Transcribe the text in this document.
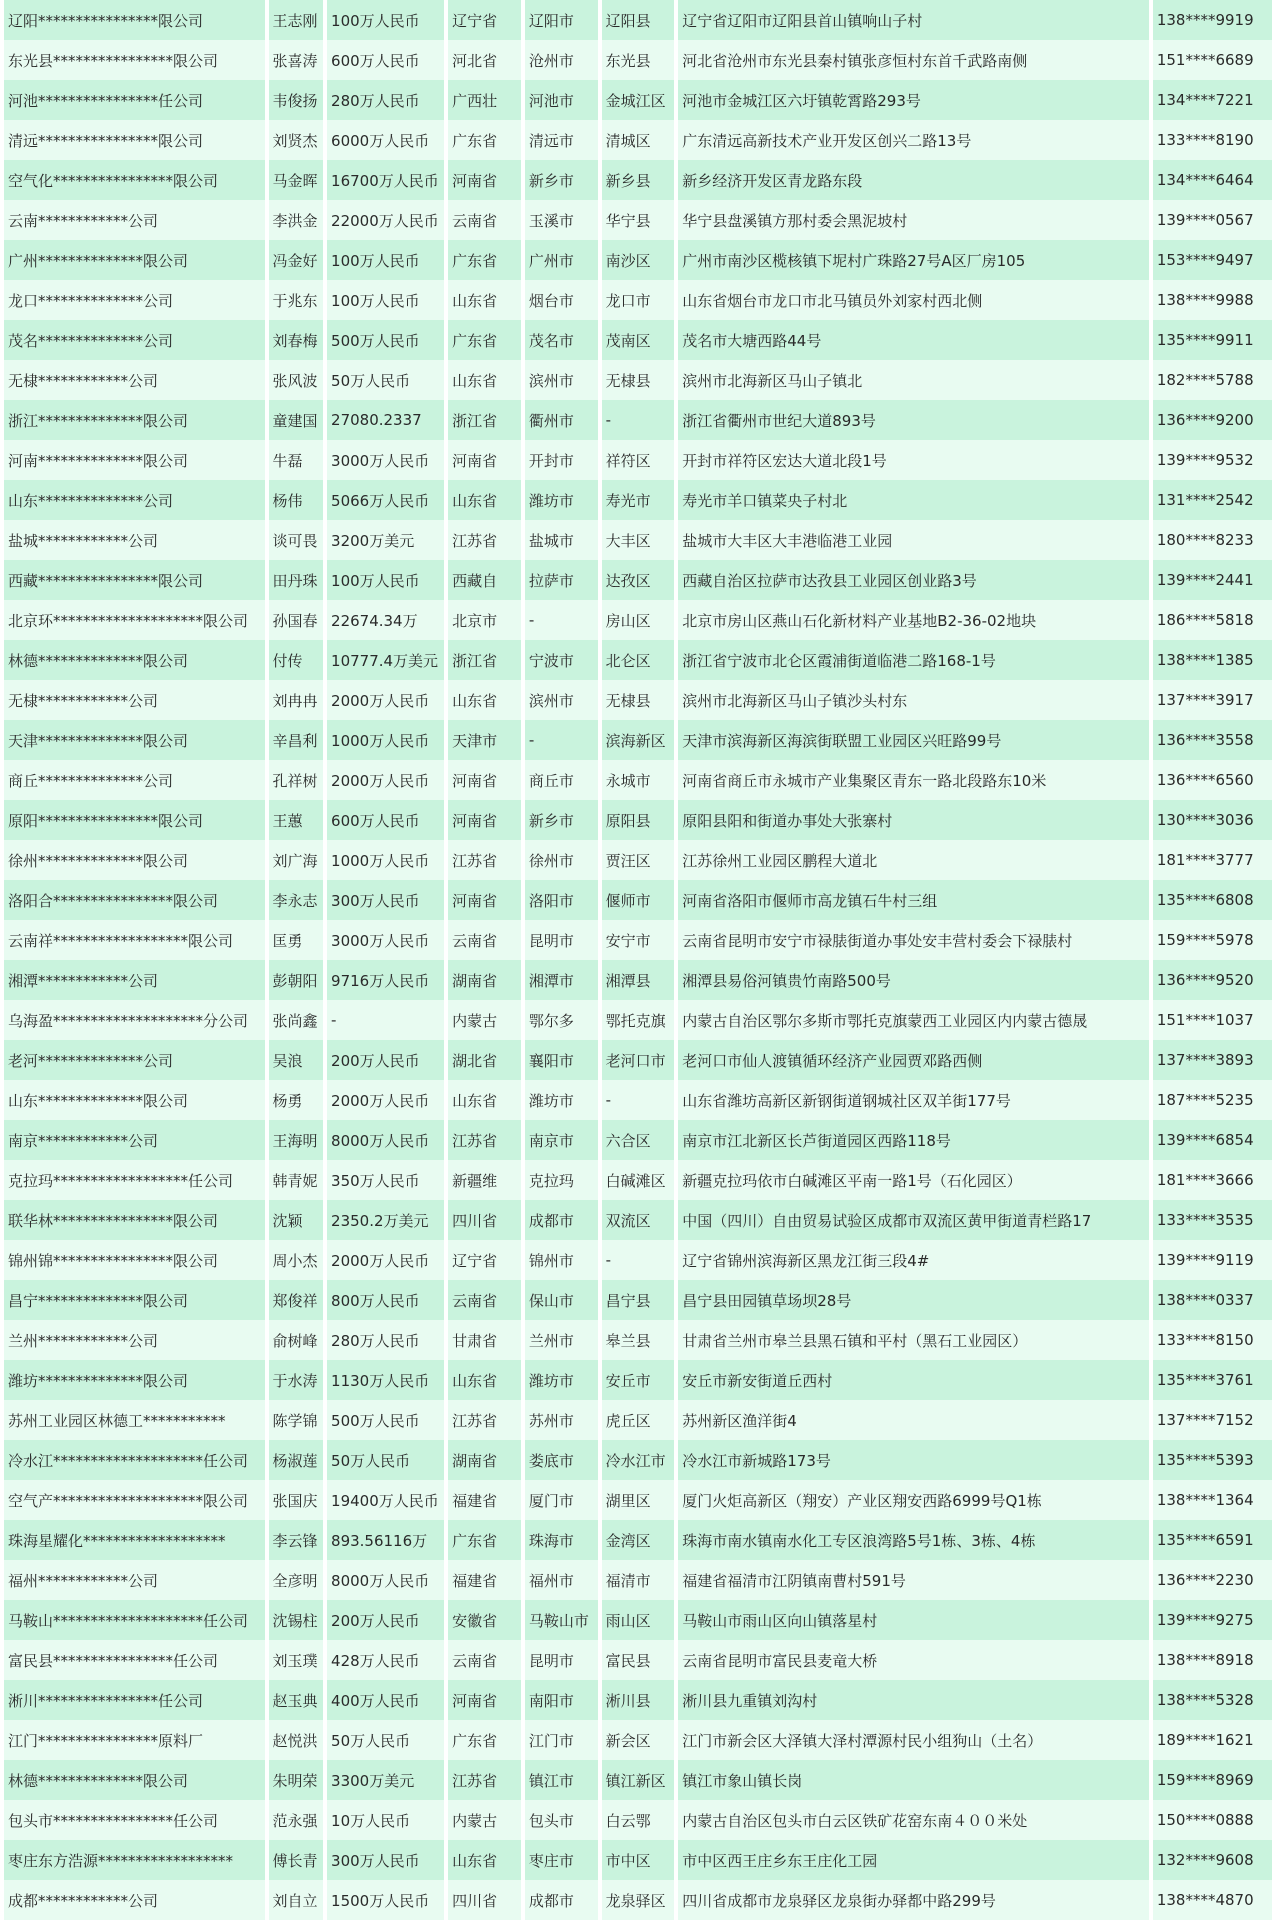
辽阳****************限公司	王志刚	100万人民币	辽宁省	辽阳市	辽阳县	辽宁省辽阳市辽阳县首山镇响山子村	138****9919
东光县****************限公司	张喜涛	600万人民币	河北省	沧州市	东光县	河北省沧州市东光县秦村镇张彦恒村东首千武路南侧	151****6689
河池****************任公司	韦俊扬	280万人民币	广西壮	河池市	金城江区	河池市金城江区六圩镇乾霄路293号	134****7221
清远****************限公司	刘贤杰	6000万人民币	广东省	清远市	清城区	广东清远高新技术产业开发区创兴二路13号	133****8190
空气化****************限公司	马金晖	16700万人民币	河南省	新乡市	新乡县	新乡经济开发区青龙路东段	134****6464
云南************公司	李洪金	22000万人民币	云南省	玉溪市	华宁县	华宁县盘溪镇方那村委会黑泥坡村	139****0567
广州**************限公司	冯金好	100万人民币	广东省	广州市	南沙区	广州市南沙区榄核镇下坭村广珠路27号A区厂房105	153****9497
龙口**************公司	于兆东	100万人民币	山东省	烟台市	龙口市	山东省烟台市龙口市北马镇员外刘家村西北侧	138****9988
茂名**************公司	刘春梅	500万人民币	广东省	茂名市	茂南区	茂名市大塘西路44号	135****9911
无棣************公司	张风波	50万人民币	山东省	滨州市	无棣县	滨州市北海新区马山子镇北	182****5788
浙江**************限公司	童建国	27080.2337	浙江省	衢州市	-	浙江省衢州市世纪大道893号	136****9200
河南**************限公司	牛磊	3000万人民币	河南省	开封市	祥符区	开封市祥符区宏达大道北段1号	139****9532
山东**************公司	杨伟	5066万人民币	山东省	潍坊市	寿光市	寿光市羊口镇菜央子村北	131****2542
盐城************公司	谈可畏	3200万美元	江苏省	盐城市	大丰区	盐城市大丰区大丰港临港工业园	180****8233
西藏****************限公司	田丹珠	100万人民币	西藏自	拉萨市	达孜区	西藏自治区拉萨市达孜县工业园区创业路3号	139****2441
北京环********************限公司	孙国春	22674.34万	北京市	-	房山区	北京市房山区燕山石化新材料产业基地B2-36-02地块	186****5818
林德**************限公司	付传	10777.4万美元	浙江省	宁波市	北仑区	浙江省宁波市北仑区霞浦街道临港二路168-1号	138****1385
无棣************公司	刘冉冉	2000万人民币	山东省	滨州市	无棣县	滨州市北海新区马山子镇沙头村东	137****3917
天津**************限公司	辛昌利	1000万人民币	天津市	-	滨海新区	天津市滨海新区海滨街联盟工业园区兴旺路99号	136****3558
商丘**************公司	孔祥树	2000万人民币	河南省	商丘市	永城市	河南省商丘市永城市产业集聚区青东一路北段路东10米	136****6560
原阳****************限公司	王蕙	600万人民币	河南省	新乡市	原阳县	原阳县阳和街道办事处大张寨村	130****3036
徐州**************限公司	刘广海	1000万人民币	江苏省	徐州市	贾汪区	江苏徐州工业园区鹏程大道北	181****3777
洛阳合****************限公司	李永志	300万人民币	河南省	洛阳市	偃师市	河南省洛阳市偃师市高龙镇石牛村三组	135****6808
云南祥******************限公司	匡勇	3000万人民币	云南省	昆明市	安宁市	云南省昆明市安宁市禄脿街道办事处安丰营村委会下禄脿村	159****5978
湘潭************公司	彭朝阳	9716万人民币	湖南省	湘潭市	湘潭县	湘潭县易俗河镇贵竹南路500号	136****9520
乌海盈********************分公司	张尚鑫	-	内蒙古	鄂尔多	鄂托克旗	内蒙古自治区鄂尔多斯市鄂托克旗蒙西工业园区内内蒙古德晟	151****1037
老河**************公司	吴浪	200万人民币	湖北省	襄阳市	老河口市	老河口市仙人渡镇循环经济产业园贾邓路西侧	137****3893
山东**************限公司	杨勇	2000万人民币	山东省	潍坊市	-	山东省潍坊高新区新钢街道钢城社区双羊街177号	187****5235
南京************公司	王海明	8000万人民币	江苏省	南京市	六合区	南京市江北新区长芦街道园区西路118号	139****6854
克拉玛******************任公司	韩青妮	350万人民币	新疆维	克拉玛	白碱滩区	新疆克拉玛依市白碱滩区平南一路1号（石化园区）	181****3666
联华林****************限公司	沈颖	2350.2万美元	四川省	成都市	双流区	中国（四川）自由贸易试验区成都市双流区黄甲街道青栏路17	133****3535
锦州锦****************限公司	周小杰	2000万人民币	辽宁省	锦州市	-	辽宁省锦州滨海新区黑龙江街三段4#	139****9119
昌宁**************限公司	郑俊祥	800万人民币	云南省	保山市	昌宁县	昌宁县田园镇草场坝28号	138****0337
兰州************公司	俞树峰	280万人民币	甘肃省	兰州市	皋兰县	甘肃省兰州市皋兰县黑石镇和平村（黑石工业园区）	133****8150
潍坊**************限公司	于水涛	1130万人民币	山东省	潍坊市	安丘市	安丘市新安街道丘西村	135****3761
苏州工业园区林德工***********	陈学锦	500万人民币	江苏省	苏州市	虎丘区	苏州新区渔洋街4	137****7152
冷水江********************任公司	杨淑莲	50万人民币	湖南省	娄底市	冷水江市	冷水江市新城路173号	135****5393
空气产********************限公司	张国庆	19400万人民币	福建省	厦门市	湖里区	厦门火炬高新区（翔安）产业区翔安西路6999号Q1栋	138****1364
珠海星耀化*******************	李云锋	893.56116万	广东省	珠海市	金湾区	珠海市南水镇南水化工专区浪湾路5号1栋、3栋、4栋	135****6591
福州************公司	全彦明	8000万人民币	福建省	福州市	福清市	福建省福清市江阴镇南曹村591号	136****2230
马鞍山********************任公司	沈锡柱	200万人民币	安徽省	马鞍山市	雨山区	马鞍山市雨山区向山镇落星村	139****9275
富民县****************任公司	刘玉璞	428万人民币	云南省	昆明市	富民县	云南省昆明市富民县麦竜大桥	138****8918
淅川****************任公司	赵玉典	400万人民币	河南省	南阳市	淅川县	淅川县九重镇刘沟村	138****5328
江门****************原料厂	赵悦洪	50万人民币	广东省	江门市	新会区	江门市新会区大泽镇大泽村潭源村民小组狗山（土名）	189****1621
林德**************限公司	朱明荣	3300万美元	江苏省	镇江市	镇江新区	镇江市象山镇长岗	159****8969
包头市****************任公司	范永强	10万人民币	内蒙古	包头市	白云鄂	内蒙古自治区包头市白云区铁矿花窑东南４００米处	150****0888
枣庄东方浩源******************	傅长青	300万人民币	山东省	枣庄市	市中区	市中区西王庄乡东王庄化工园	132****9608
成都************公司	刘自立	1500万人民币	四川省	成都市	龙泉驿区	四川省成都市龙泉驿区龙泉街办驿都中路299号	138****4870
